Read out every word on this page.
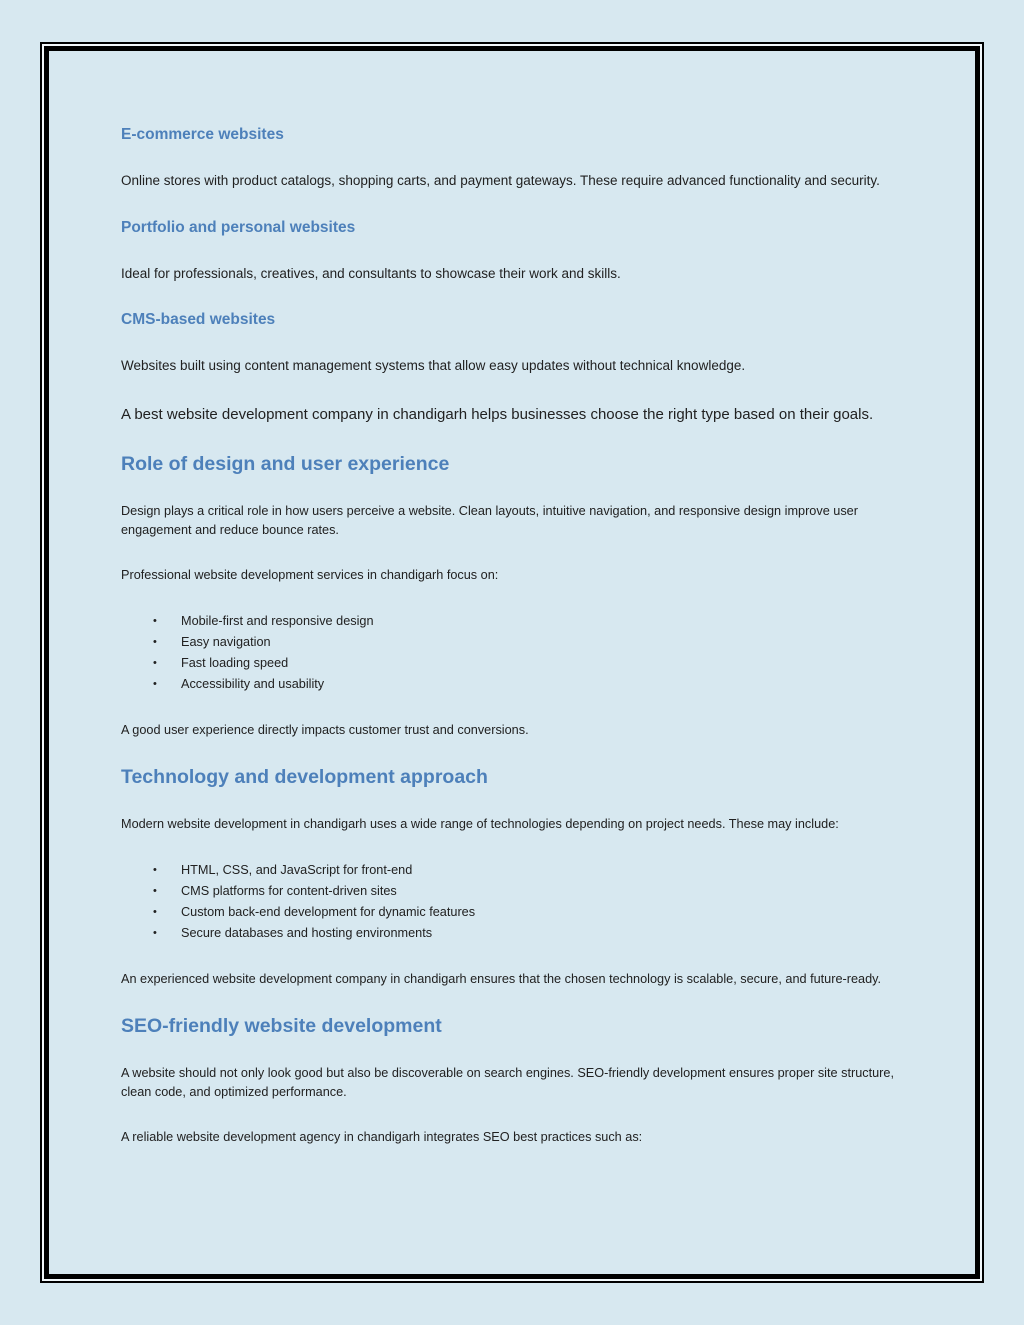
E-commerce websites

Online stores with product catalogs, shopping carts, and payment gateways. These require advanced functionality and security.

Portfolio and personal websites

Ideal for professionals, creatives, and consultants to showcase their work and skills.

CMS-based websites

Websites built using content management systems that allow easy updates without technical knowledge.

A best website development company in chandigarh helps businesses choose the right type based on their goals.

Role of design and user experience

Design plays a critical role in how users perceive a website. Clean layouts, intuitive navigation, and responsive design improve user engagement and reduce bounce rates.

Professional website development services in chandigarh focus on:

• Mobile-first and responsive design
• Easy navigation
• Fast loading speed
• Accessibility and usability

A good user experience directly impacts customer trust and conversions.

Technology and development approach

Modern website development in chandigarh uses a wide range of technologies depending on project needs. These may include:

• HTML, CSS, and JavaScript for front-end
• CMS platforms for content-driven sites
• Custom back-end development for dynamic features
• Secure databases and hosting environments

An experienced website development company in chandigarh ensures that the chosen technology is scalable, secure, and future-ready.

SEO-friendly website development

A website should not only look good but also be discoverable on search engines. SEO-friendly development ensures proper site structure, clean code, and optimized performance.

A reliable website development agency in chandigarh integrates SEO best practices such as:
